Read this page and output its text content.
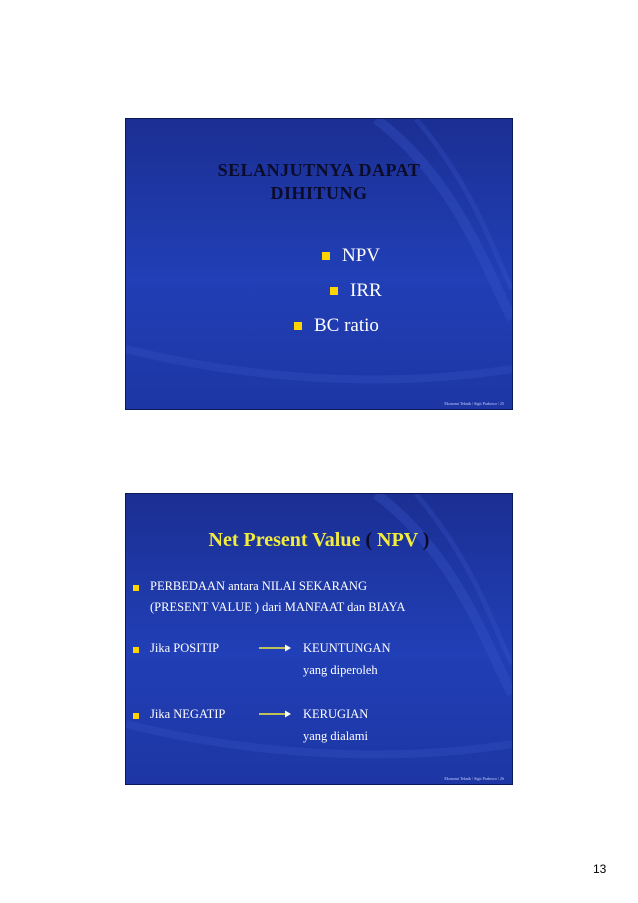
SELANJUTNYA DAPAT
DIHITUNG
NPV
IRR
BC ratio
Ekonomi Teknik / Sigit Prabowo / 25
Net Present Value ( NPV )
PERBEDAAN antara NILAI SEKARANG
(PRESENT VALUE ) dari MANFAAT dan BIAYA
Jika POSITIP	KEUNTUNGAN
yang diperoleh
Jika NEGATIP	KERUGIAN
yang dialami
Ekonomi Teknik / Sigit Prabowo / 26
13
